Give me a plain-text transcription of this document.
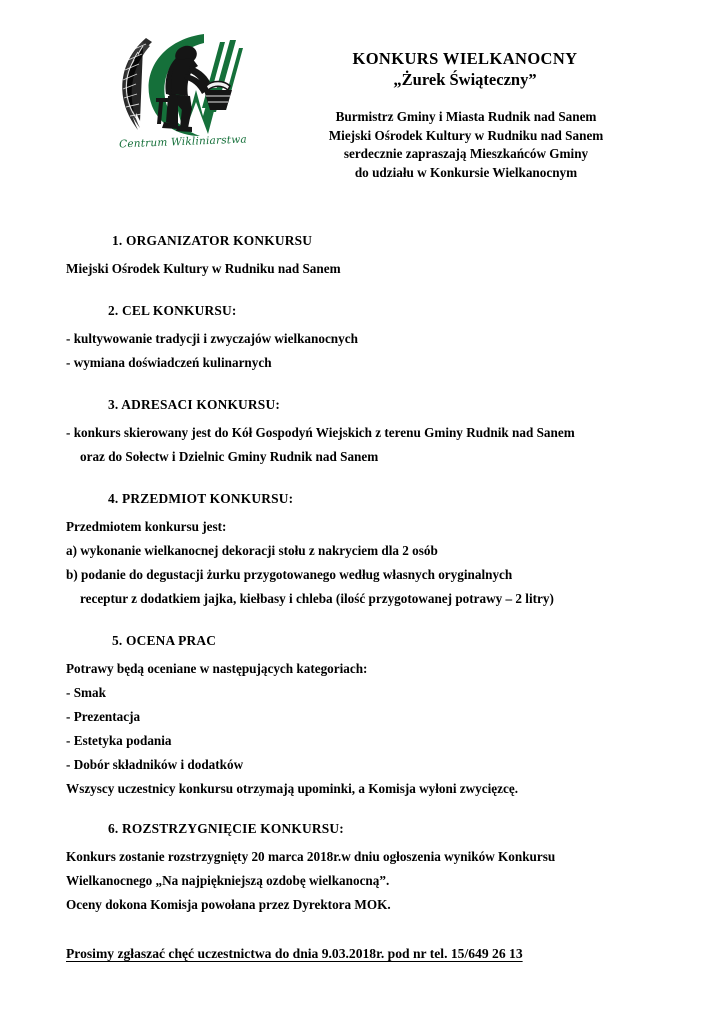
Centrum Wikliniarstwa
KONKURS WIELKANOCNY
„Żurek Świąteczny”
Burmistrz Gminy i Miasta Rudnik nad Sanem
Miejski Ośrodek Kultury w Rudniku nad Sanem
serdecznie zapraszają Mieszkańców Gminy
do udziału w Konkursie Wielkanocnym
1. ORGANIZATOR KONKURSU
Miejski Ośrodek Kultury w Rudniku nad Sanem
2. CEL KONKURSU:
- kultywowanie tradycji i zwyczajów wielkanocnych
- wymiana doświadczeń kulinarnych
3. ADRESACI KONKURSU:
- konkurs skierowany jest do Kół Gospodyń Wiejskich z terenu Gminy Rudnik nad Sanem
oraz do Sołectw i Dzielnic Gminy Rudnik nad Sanem
4. PRZEDMIOT KONKURSU:
Przedmiotem konkursu jest:
a) wykonanie wielkanocnej dekoracji stołu z nakryciem dla 2 osób
b) podanie do degustacji żurku przygotowanego według własnych oryginalnych
receptur z dodatkiem jajka, kiełbasy i chleba (ilość przygotowanej potrawy – 2 litry)
5. OCENA PRAC
Potrawy będą oceniane w następujących kategoriach:
- Smak
- Prezentacja
- Estetyka podania
- Dobór składników i dodatków
Wszyscy uczestnicy konkursu otrzymają upominki, a Komisja wyłoni zwycięzcę.
6. ROZSTRZYGNIĘCIE KONKURSU:
Konkurs zostanie rozstrzygnięty 20 marca 2018r.w dniu ogłoszenia wyników Konkursu
Wielkanocnego „Na najpiękniejszą ozdobę wielkanocną”.
Oceny dokona Komisja powołana przez Dyrektora MOK.
Prosimy zgłaszać chęć uczestnictwa do dnia 9.03.2018r. pod nr tel. 15/649 26 13
